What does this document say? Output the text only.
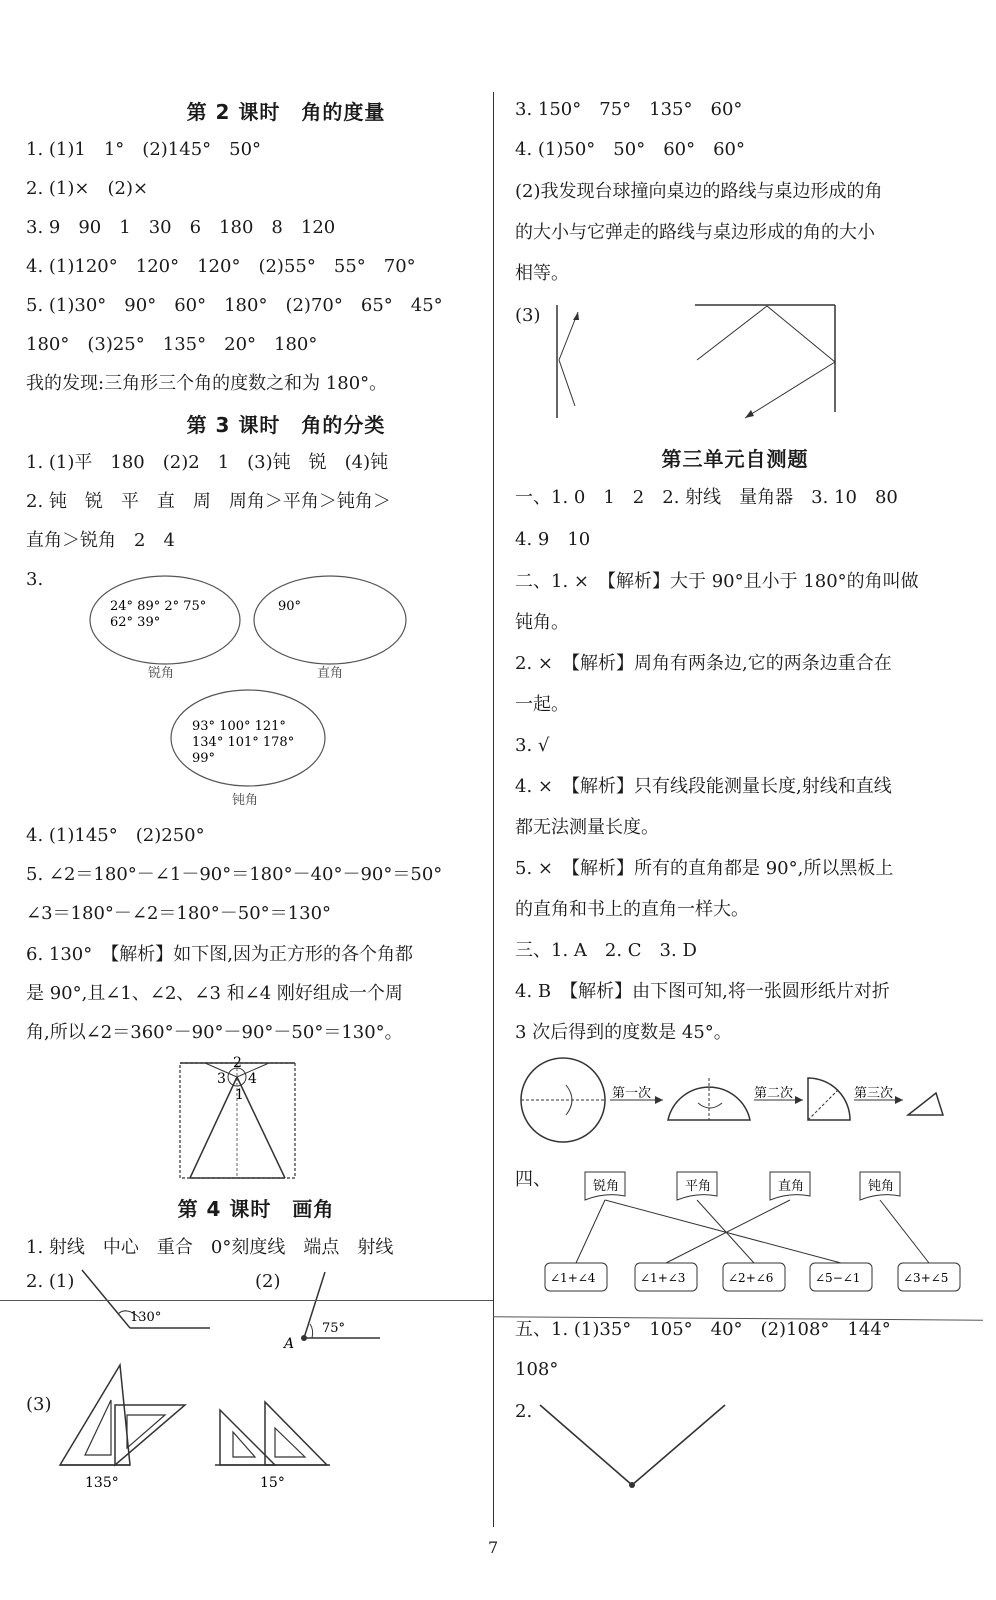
第 2 课时　角的度量
1. (1)1　1°　(2)145°　50°
2. (1)×　(2)×
3. 9　90　1　30　6　180　8　120
4. (1)120°　120°　120°　(2)55°　55°　70°
5. (1)30°　90°　60°　180°　(2)70°　65°　45°
180°　(3)25°　135°　20°　180°
我的发现:三角形三个角的度数之和为 180°。
第 3 课时　角的分类
1. (1)平　180　(2)2　1　(3)钝　锐　(4)钝
2. 钝　锐　平　直　周　周角＞平角＞钝角＞
直角＞锐角　2　4
3.
24° 89° 2° 75°
62° 39°
锐角
90°
直角
93° 100° 121°
134° 101° 178°
99°
钝角
4. (1)145°　(2)250°
5. ∠2＝180°－∠1－90°＝180°－40°－90°＝50°
∠3＝180°－∠2＝180°－50°＝130°
6. 130°　【解析】如下图,因为正方形的各个角都
是 90°,且∠1、∠2、∠3 和∠4 刚好组成一个周
角,所以∠2＝360°－90°－90°－50°＝130°。
2
3 4
1
第 4 课时　画角
1. 射线　中心　重合　0°刻度线　端点　射线
2. (1)	(2)
130°
75°
A
(3)
135°	15°
3. 150°　75°　135°　60°
4. (1)50°　50°　60°　60°
(2)我发现台球撞向桌边的路线与桌边形成的角
的大小与它弹走的路线与桌边形成的角的大小
相等。
(3)
第三单元自测题
一、1. 0　1　2　2. 射线　量角器　3. 10　80
4. 9　10
二、1. ×　【解析】大于 90°且小于 180°的角叫做
钝角。
2. ×　【解析】周角有两条边,它的两条边重合在
一起。
3. √
4. ×　【解析】只有线段能测量长度,射线和直线
都无法测量长度。
5. ×　【解析】所有的直角都是 90°,所以黑板上
的直角和书上的直角一样大。
三、1. A　2. C　3. D
4. B　【解析】由下图可知,将一张圆形纸片对折
3 次后得到的度数是 45°。
第一次	第二次	第三次
四、	锐角	平角	直角	钝角
∠1+∠4	∠1+∠3	∠2+∠6	∠5−∠1	∠3+∠5
五、1. (1)35°　105°　40°　(2)108°　144°
108°
2.
7
